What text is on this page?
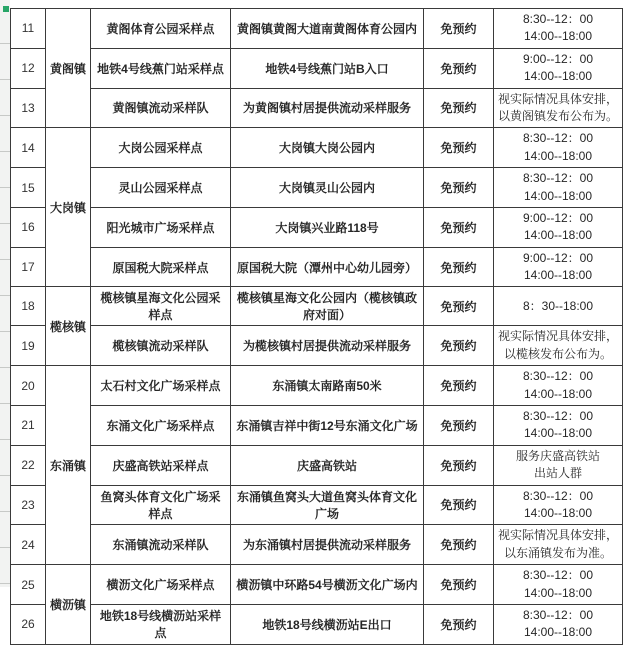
11	黄阁镇	黄阁体育公园采样点	黄阁镇黄阁大道南黄阁体育公园内	免预约	8:30--12：00
14:00--18:00

12		地铁4号线蕉门站采样点	地铁4号线蕉门站B入口	免预约	9:00--12：00
14:00--18:00

13		黄阁镇流动采样队	为黄阁镇村居提供流动采样服务	免预约	视实际情况具体安排，
以黄阁镇发布公布为。

14	大岗镇	大岗公园采样点	大岗镇大岗公园内	免预约	8:30--12：00
14:00--18:00

15		灵山公园采样点	大岗镇灵山公园内	免预约	8:30--12：00
14:00--18:00

16		阳光城市广场采样点	大岗镇兴业路118号	免预约	9:00--12：00
14:00--18:00

17		原国税大院采样点	原国税大院（潭州中心幼儿园旁）	免预约	9:00--12：00
14:00--18:00

18	榄核镇	榄核镇星海文化公园采样点	榄核镇星海文化公园内（榄核镇政府对面）	免预约	8：30--18:00

19		榄核镇流动采样队	为榄核镇村居提供流动采样服务	免预约	视实际情况具体安排，
以榄核发布公布为。

20	东涌镇	太石村文化广场采样点	东涌镇太南路南50米	免预约	8:30--12：00
14:00--18:00

21		东涌文化广场采样点	东涌镇吉祥中街12号东涌文化广场	免预约	8:30--12：00
14:00--18:00

22		庆盛高铁站采样点	庆盛高铁站	免预约	服务庆盛高铁站
出站人群

23		鱼窝头体育文化广场采样点	东涌镇鱼窝头大道鱼窝头体育文化广场	免预约	8:30--12：00
14:00--18:00

24		东涌镇流动采样队	为东涌镇村居提供流动采样服务	免预约	视实际情况具体安排，
以东涌镇发布为准。

25	横沥镇	横沥文化广场采样点	横沥镇中环路54号横沥文化广场内	免预约	8:30--12：00
14:00--18:00

26		地铁18号线横沥站采样点	地铁18号线横沥站E出口	免预约	8:30--12：00
14:00--18:00
